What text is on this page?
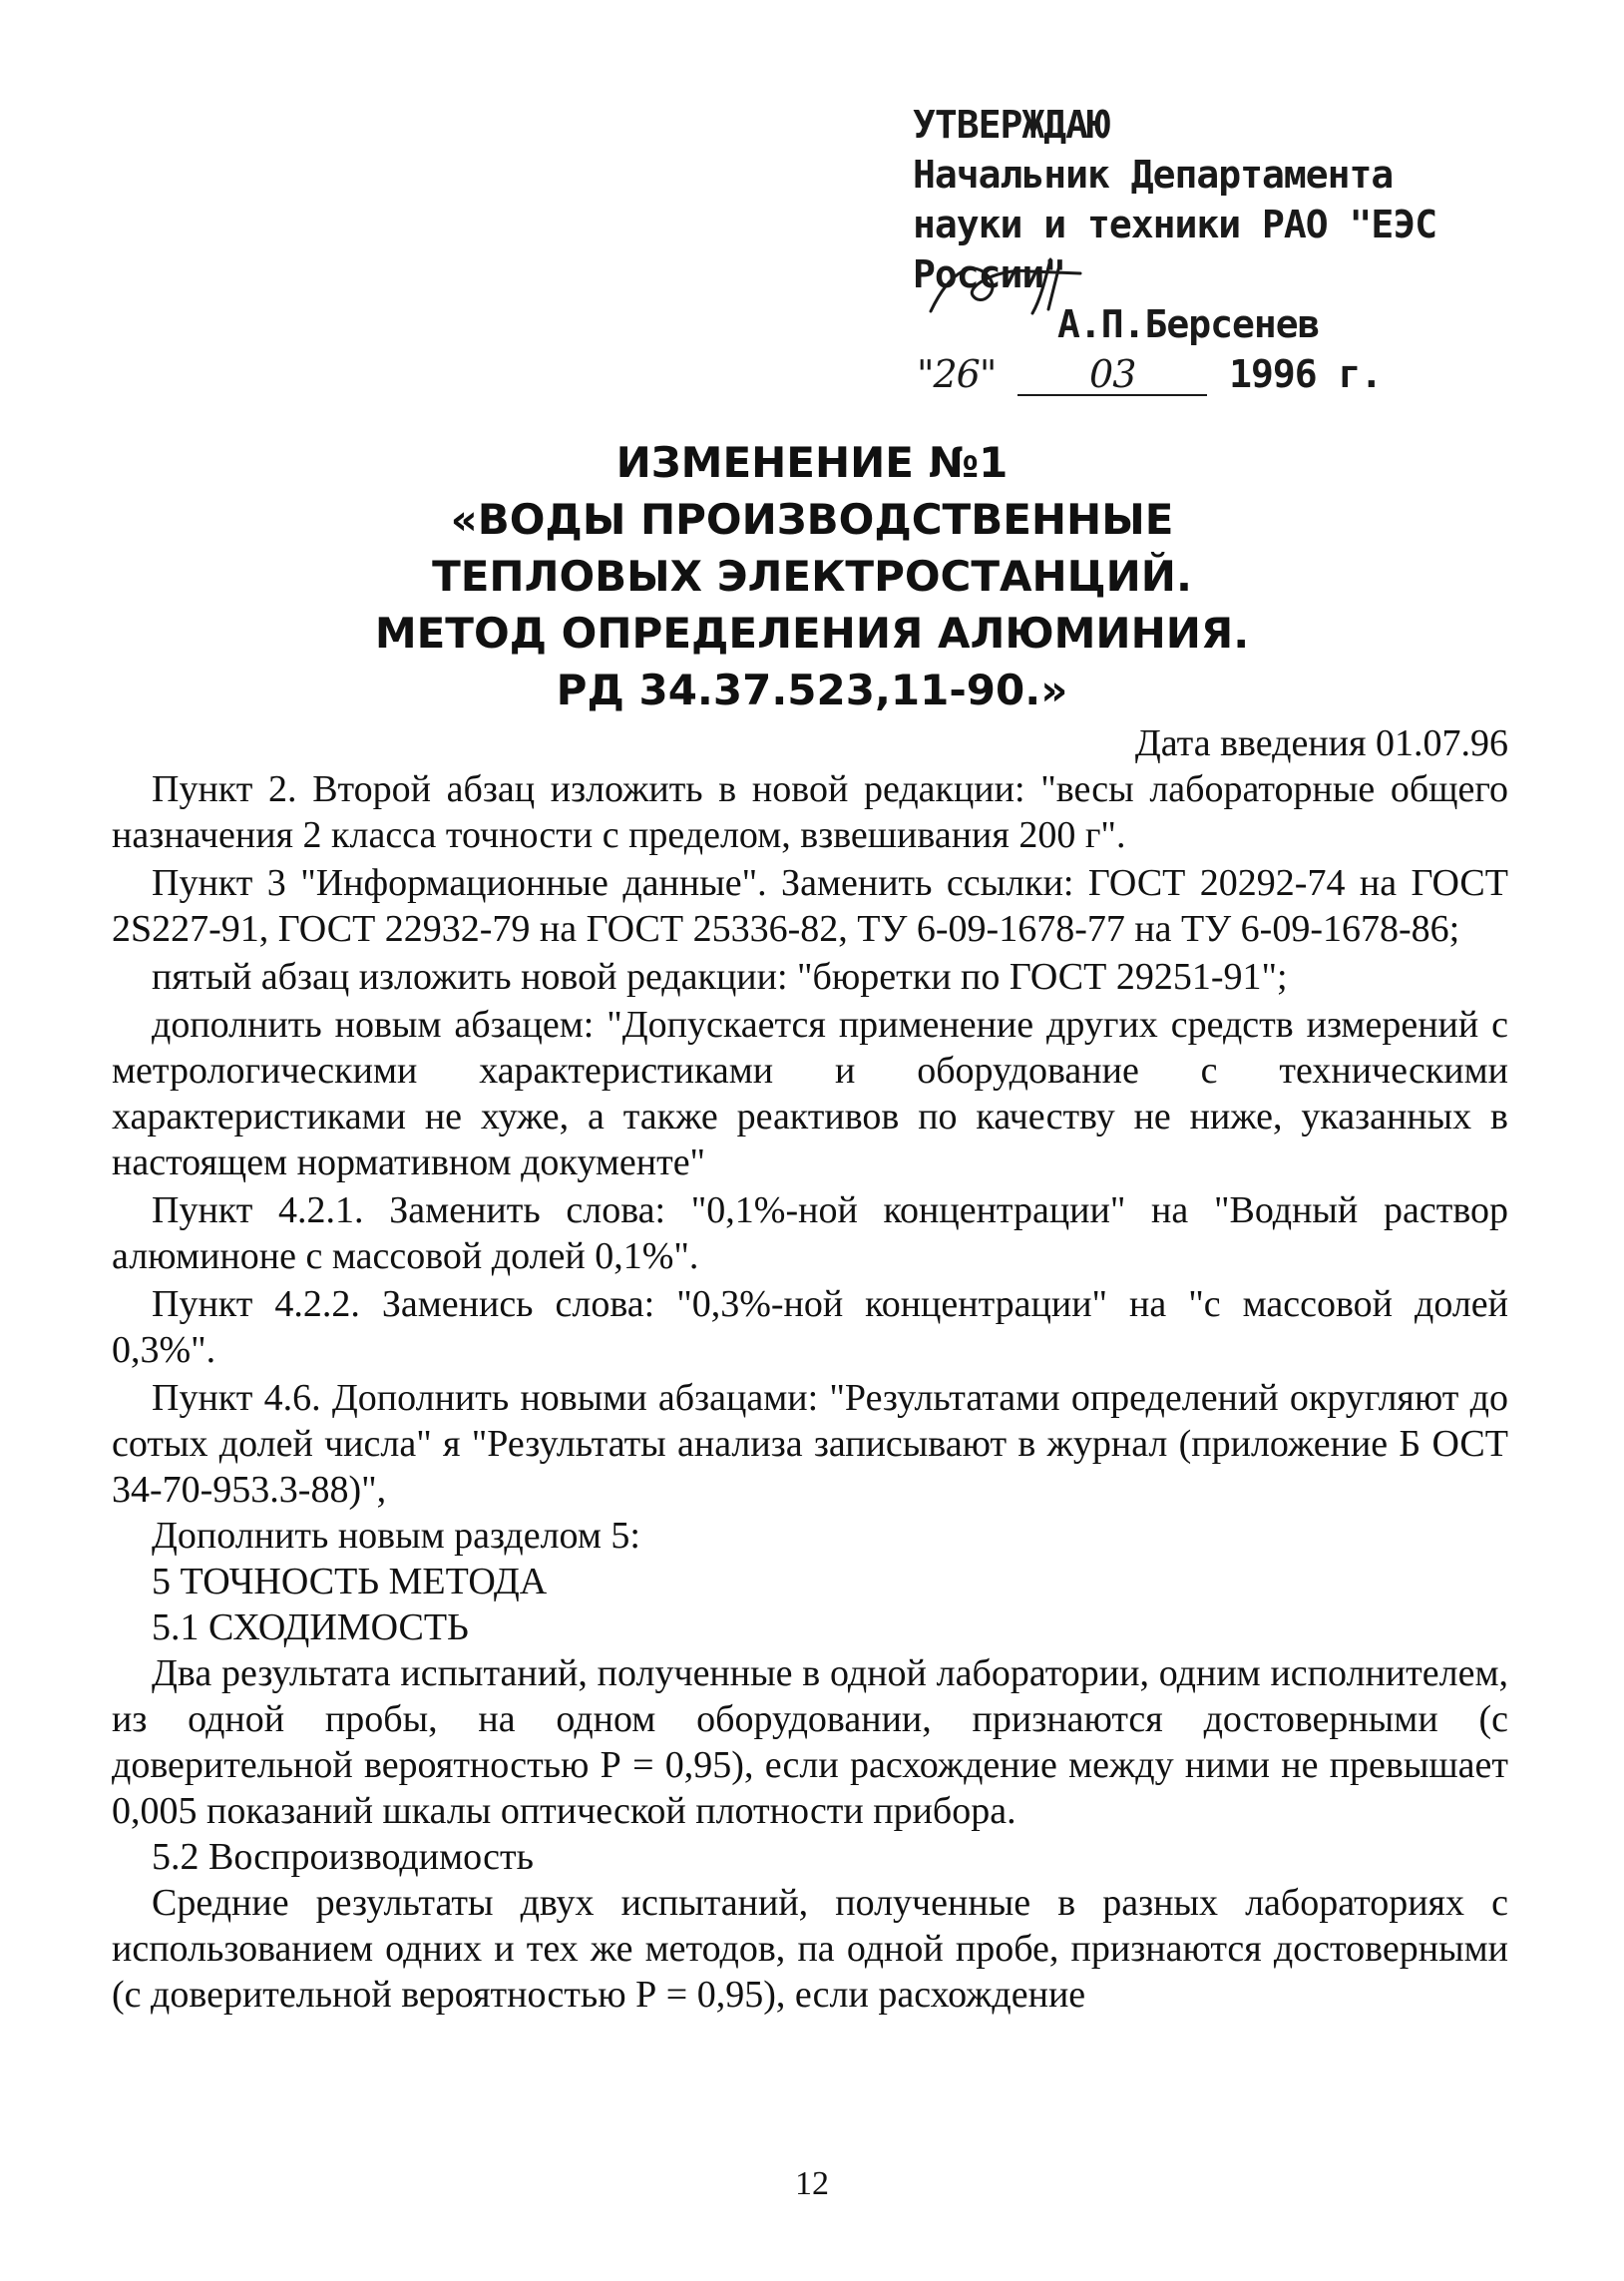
УТВЕРЖДАЮ
Начальник Департамента
науки и техники РАО "ЕЭС
России"
А.П.Берсенев
"26" 03 1996 г.
ИЗМЕНЕНИЕ №1
«ВОДЫ ПРОИЗВОДСТВЕННЫЕ
ТЕПЛОВЫХ ЭЛЕКТРОСТАНЦИЙ.
МЕТОД ОПРЕДЕЛЕНИЯ АЛЮМИНИЯ.
РД 34.37.523,11-90.»

Дата введения 01.07.96

Пункт 2. Второй абзац изложить в новой редакции: "весы лабораторные общего назначения 2 класса точности с пределом, взвешивания 200 г".

Пункт 3 "Информационные данные". Заменить ссылки: ГОСТ 20292-74 на ГОСТ 2S227-91, ГОСТ 22932-79 на ГОСТ 25336-82, ТУ 6-09-1678-77 на ТУ 6-09-1678-86;

пятый абзац изложить новой редакции: "бюретки по ГОСТ 29251-91";

дополнить новым абзацем: "Допускается применение других средств измерений с метрологическими характеристиками и оборудование с техническими характеристиками не хуже, а также реактивов по качеству не ниже, указанных в настоящем нормативном документе"

Пункт 4.2.1. Заменить слова: "0,1%-ной концентрации" на "Водный раствор алюминоне с массовой долей 0,1%".

Пункт 4.2.2. Заменись слова: "0,3%-ной концентрации" на "с массовой долей 0,3%".

Пункт 4.6. Дополнить новыми абзацами: "Результатами определений округляют до сотых долей числа" я "Результаты анализа записывают в журнал (приложение Б ОСТ 34-70-953.3-88)",

Дополнить новым разделом 5:

5 ТОЧНОСТЬ МЕТОДА

5.1 СХОДИМОСТЬ

Два результата испытаний, полученные в одной лаборатории, одним исполнителем, из одной пробы, на одном оборудовании, признаются достоверными (с доверительной вероятностью Р = 0,95), если расхождение между ними не превышает 0,005 показаний шкалы оптической плотности прибора.

5.2 Воспроизводимость

Средние результаты двух испытаний, полученные в разных лабораториях с использованием одних и тех же методов, па одной пробе, признаются достоверными (с доверительной вероятностью Р = 0,95), если расхождение

12
